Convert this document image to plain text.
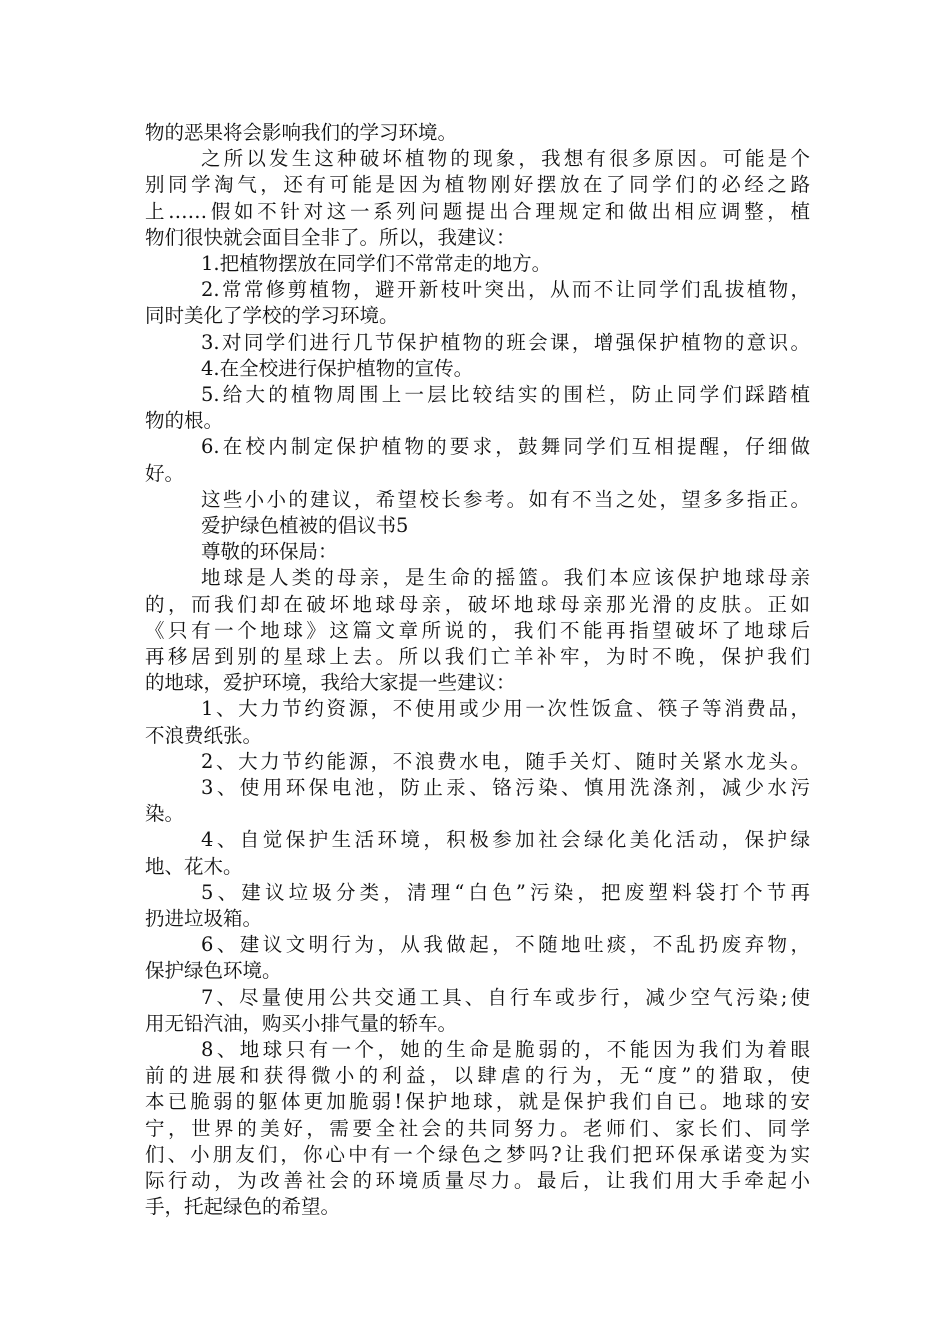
物的恶果将会影响我们的学习环境。
之所以发生这种破坏植物的现象，我想有很多原因。可能是个
别同学淘气，还有可能是因为植物刚好摆放在了同学们的必经之路
上……假如不针对这一系列问题提出合理规定和做出相应调整，植
物们很快就会面目全非了。所以，我建议：
1.把植物摆放在同学们不常常走的地方。
2.常常修剪植物，避开新枝叶突出，从而不让同学们乱拔植物，
同时美化了学校的学习环境。
3.对同学们进行几节保护植物的班会课，增强保护植物的意识。
4.在全校进行保护植物的宣传。
5.给大的植物周围上一层比较结实的围栏，防止同学们踩踏植
物的根。
6.在校内制定保护植物的要求，鼓舞同学们互相提醒，仔细做
好。
这些小小的建议，希望校长参考。如有不当之处，望多多指正。
爱护绿色植被的倡议书5
尊敬的环保局：
地球是人类的母亲，是生命的摇篮。我们本应该保护地球母亲
的，而我们却在破坏地球母亲，破坏地球母亲那光滑的皮肤。正如
《只有一个地球》这篇文章所说的，我们不能再指望破坏了地球后
再移居到别的星球上去。所以我们亡羊补牢，为时不晚，保护我们
的地球，爱护环境，我给大家提一些建议：
1、大力节约资源，不使用或少用一次性饭盒、筷子等消费品，
不浪费纸张。
2、大力节约能源，不浪费水电，随手关灯、随时关紧水龙头。
3、使用环保电池，防止汞、铬污染、慎用洗涤剂，减少水污
染。
4、自觉保护生活环境，积极参加社会绿化美化活动，保护绿
地、花木。
5、建议垃圾分类，清理“白色”污染，把废塑料袋打个节再
扔进垃圾箱。
6、建议文明行为，从我做起，不随地吐痰，不乱扔废弃物，
保护绿色环境。
7、尽量使用公共交通工具、自行车或步行，减少空气污染;使
用无铅汽油，购买小排气量的轿车。
8、地球只有一个，她的生命是脆弱的，不能因为我们为着眼
前的进展和获得微小的利益，以肆虐的行为，无“度”的猎取，使
本已脆弱的躯体更加脆弱!保护地球，就是保护我们自已。地球的安
宁，世界的美好，需要全社会的共同努力。老师们、家长们、同学
们、小朋友们，你心中有一个绿色之梦吗?让我们把环保承诺变为实
际行动，为改善社会的环境质量尽力。最后，让我们用大手牵起小
手，托起绿色的希望。
